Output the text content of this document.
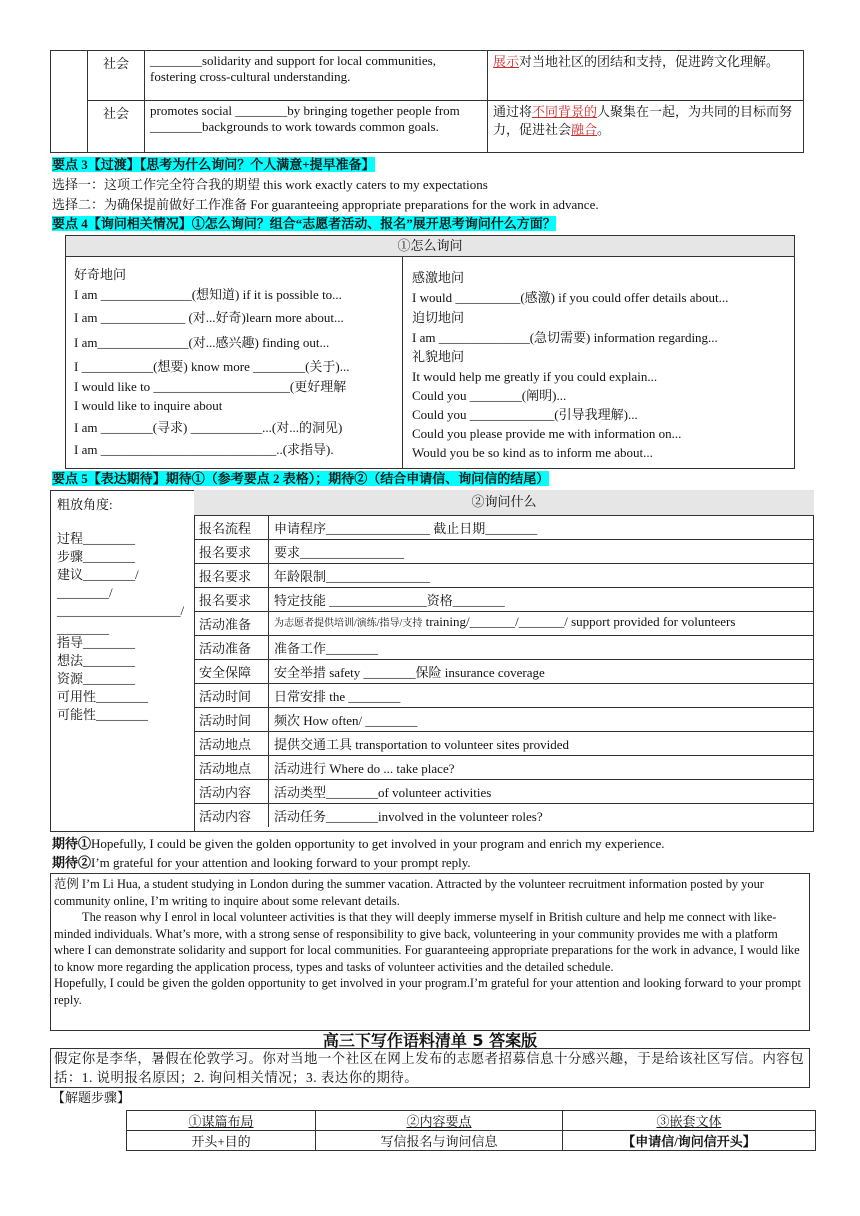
	社会	________solidarity and support for local communities, fostering cross-cultural understanding.	展示对当地社区的团结和支持，促进跨文化理解。
	社会	promotes social ________by bringing together people from ________backgrounds to work towards common goals.	通过将不同背景的人聚集在一起，为共同的目标而努力，促进社会融合。
要点 3【过渡】【思考为什么询问？个人满意+提早准备】
选择一：这项工作完全符合我的期望 this work exactly caters to my expectations
选择二：为确保提前做好工作准备 For guaranteeing appropriate preparations for the work in advance.
要点 4【询问相关情况】①怎么询问？组合“志愿者活动、报名”展开思考询问什么方面？
①怎么询问
好奇地问
I am ______________(想知道) if it is possible to...
I am _____________ (对...好奇)learn more about...
I am______________(对...感兴趣) finding out...
I ___________(想要) know more ________(关于)...
I would like to _____________________(更好理解
I would like to inquire about
I am ________(寻求) ___________...(对...的洞见)
I am ___________________________..(求指导).
感激地问
I would __________(感激) if you could offer details about...
迫切地问
I am ______________(急切需要) information regarding...
礼貌地问
It would help me greatly if you could explain...
Could you ________(阐明)...
Could you _____________(引导我理解)...
Could you please provide me with information on...
Would you be so kind as to inform me about...
要点 5【表达期待】期待①（参考要点 2 表格）；期待②（结合申请信、询问信的结尾）
粗放角度:
过程________
步骤________
建议________/
________/
___________________/
________
指导________
想法________
资源________
可用性________
可能性________
②询问什么	
报名流程	申请程序________________ 截止日期________
报名要求	要求________________
报名要求	年龄限制________________
报名要求	特定技能 _______________资格________
活动准备	为志愿者提供培训/演练/指导/支持 training/_______/_______/ support provided for volunteers
活动准备	准备工作________
安全保障	安全举措 safety ________保险 insurance coverage
活动时间	日常安排 the ________
活动时间	频次 How often/ ________
活动地点	提供交通工具 transportation to volunteer sites provided
活动地点	活动进行 Where do ... take place?
活动内容	活动类型________of volunteer activities
活动内容	活动任务________involved in the volunteer roles?
期待①Hopefully, I could be given the golden opportunity to get involved in your program and enrich my experience.
期待②I’m grateful for your attention and looking forward to your prompt reply.
范例 I’m Li Hua, a student studying in London during the summer vacation. Attracted by the volunteer recruitment information posted by your community online, I’m writing to inquire about some relevant details.
The reason why I enrol in local volunteer activities is that they will deeply immerse myself in British culture and help me connect with like-minded individuals. What’s more, with a strong sense of responsibility to give back, volunteering in your community provides me with a platform where I can demonstrate solidarity and support for local communities. For guaranteeing appropriate preparations for the work in advance, I would like to know more regarding the application process, types and tasks of volunteer activities and the detailed schedule.
Hopefully, I could be given the golden opportunity to get involved in your program.I’m grateful for your attention and looking forward to your prompt reply.
高三下写作语料清单 5 答案版
假定你是李华，暑假在伦敦学习。你对当地一个社区在网上发布的志愿者招募信息十分感兴趣，于是给该社区写信。内容包括：1. 说明报名原因；2. 询问相关情况；3. 表达你的期待。
【解题步骤】
①谋篇布局	②内容要点	③嵌套文体
开头+目的	写信报名与询问信息	【申请信/询问信开头】
